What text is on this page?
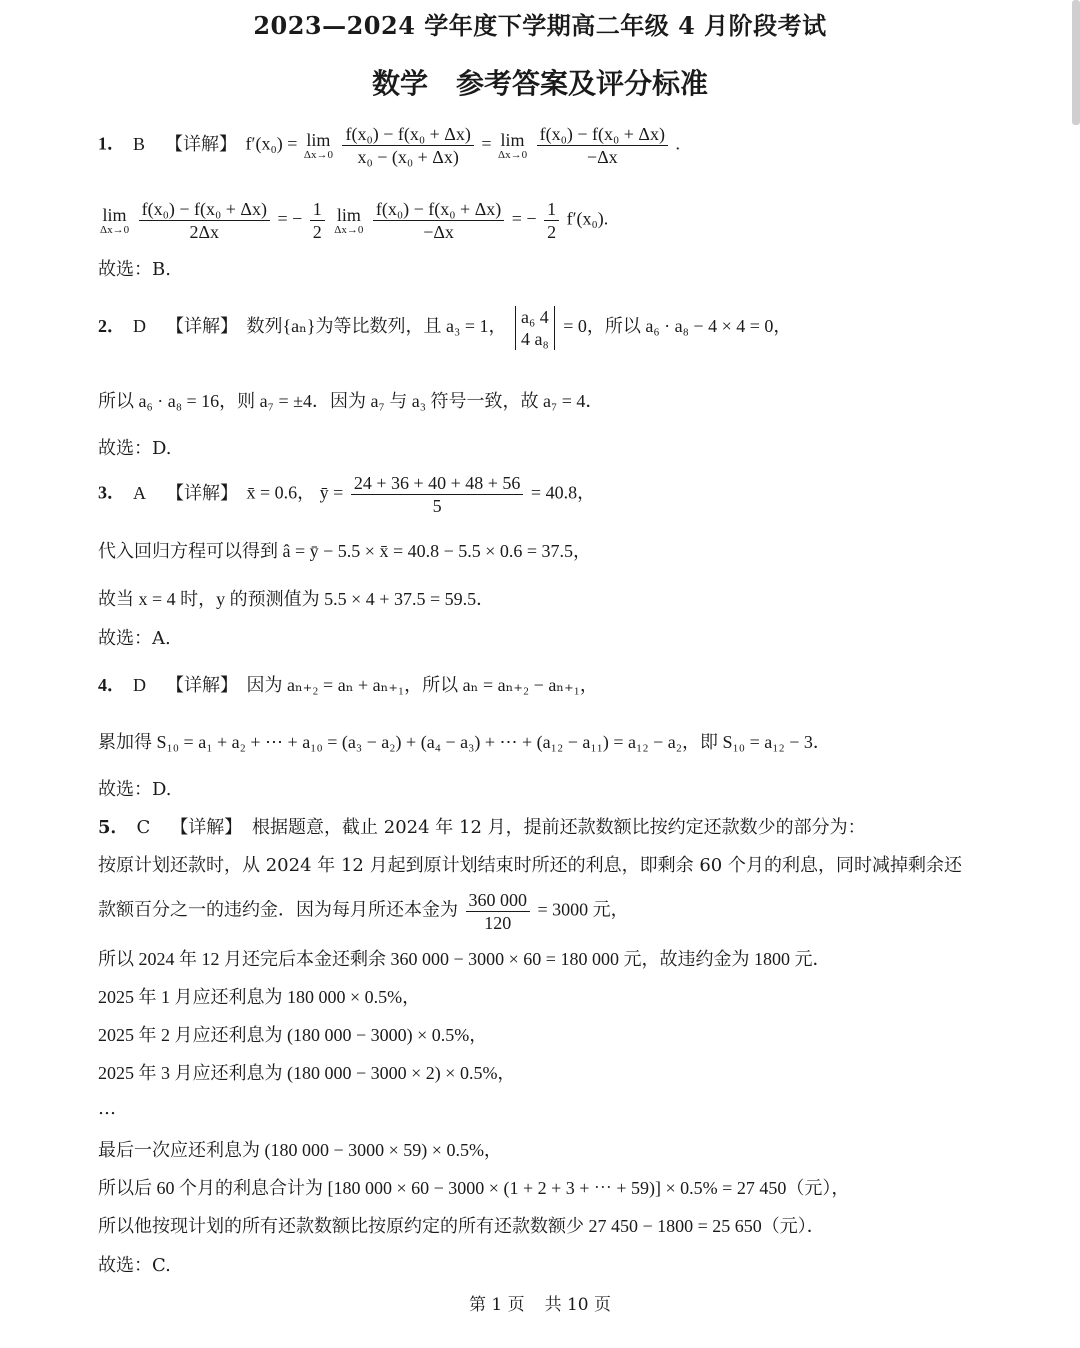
2023—2024 学年度下学期高二年级 4 月阶段考试
数学 参考答案及评分标准
1． B 【详解】 f′(x₀) = lim
Δx→0
$\frac{\text{f(x₀) − f(x₀ + Δx)}}{\text{x₀ − (x₀ + Δx)}} = \lim$
Δx→0
$\frac{\text{f(x₀) − f(x₀ + Δx)}}{-\Delta x}$ .
lim
Δx→0
$\frac{\text{f(x₀) − f(x₀ + Δx)}}{2\Delta x}$ = − $\frac{1}{2}$
lim
Δx→0
$\frac{\text{f(x₀) − f(x₀ + Δx)}}{-\Delta x}$ = − $\frac{1}{2} f'(x_0)$.
故选：B.
2． D 【详解】 数列{aₙ}为等比数列，且 a₃ = 1， a₆ 4
4 a₈
= 0，所以 a₆ · a₈ − 4 × 4 = 0，
所以 a₆ · a₈ = 16，则 a₇ = ±4．因为 a₇ 与 a₃ 符号一致，故 a₇ = 4．
故选：D.
3． A 【详解】 x̄ = 0.6， ȳ = $\frac{24 + 36 + 40 + 48 + 56}{5} = 40.8$，
代入回归方程可以得到 â = ȳ − 5.5 × x̄ = 40.8 − 5.5 × 0.6 = 37.5，
故当 x = 4 时，y 的预测值为 5.5 × 4 + 37.5 = 59.5．
故选：A.
4． D 【详解】 因为 aₙ₊₂ = aₙ + aₙ₊₁，所以 aₙ = aₙ₊₂ − aₙ₊₁，
累加得 S₁₀ = a₁ + a₂ + ⋯ + a₁₀ = (a₃ − a₂) + (a₄ − a₃) + ⋯ + (a₁₂ − a₁₁) = a₁₂ − a₂，即 S₁₀ = a₁₂ − 3．
故选：D.
5． C 【详解】 根据题意，截止 2024 年 12 月，提前还款数额比按约定还款数少的部分为：
按原计划还款时，从 2024 年 12 月起到原计划结束时所还的利息，即剩余 60 个月的利息，同时减掉剩余还
款额百分之一的违约金．因为每月所还本金为 $\frac{360 000}{120} = 3000$ 元，
所以 2024 年 12 月还完后本金还剩余 360 000 − 3000 × 60 = 180 000 元，故违约金为 1800 元．
2025 年 1 月应还利息为 180 000 × 0.5%，
2025 年 2 月应还利息为 (180 000 − 3000) × 0.5%，
2025 年 3 月应还利息为 (180 000 − 3000 × 2) × 0.5%，
…
最后一次应还利息为 (180 000 − 3000 × 59) × 0.5%，
所以后 60 个月的利息合计为 [180 000 × 60 − 3000 × (1 + 2 + 3 + ⋯ + 59)] × 0.5% = 27 450（元），
所以他按现计划的所有还款数额比按原约定的所有还款数额少 27 450 − 1800 = 25 650（元）．
故选：C.
第 1 页 共 10 页
